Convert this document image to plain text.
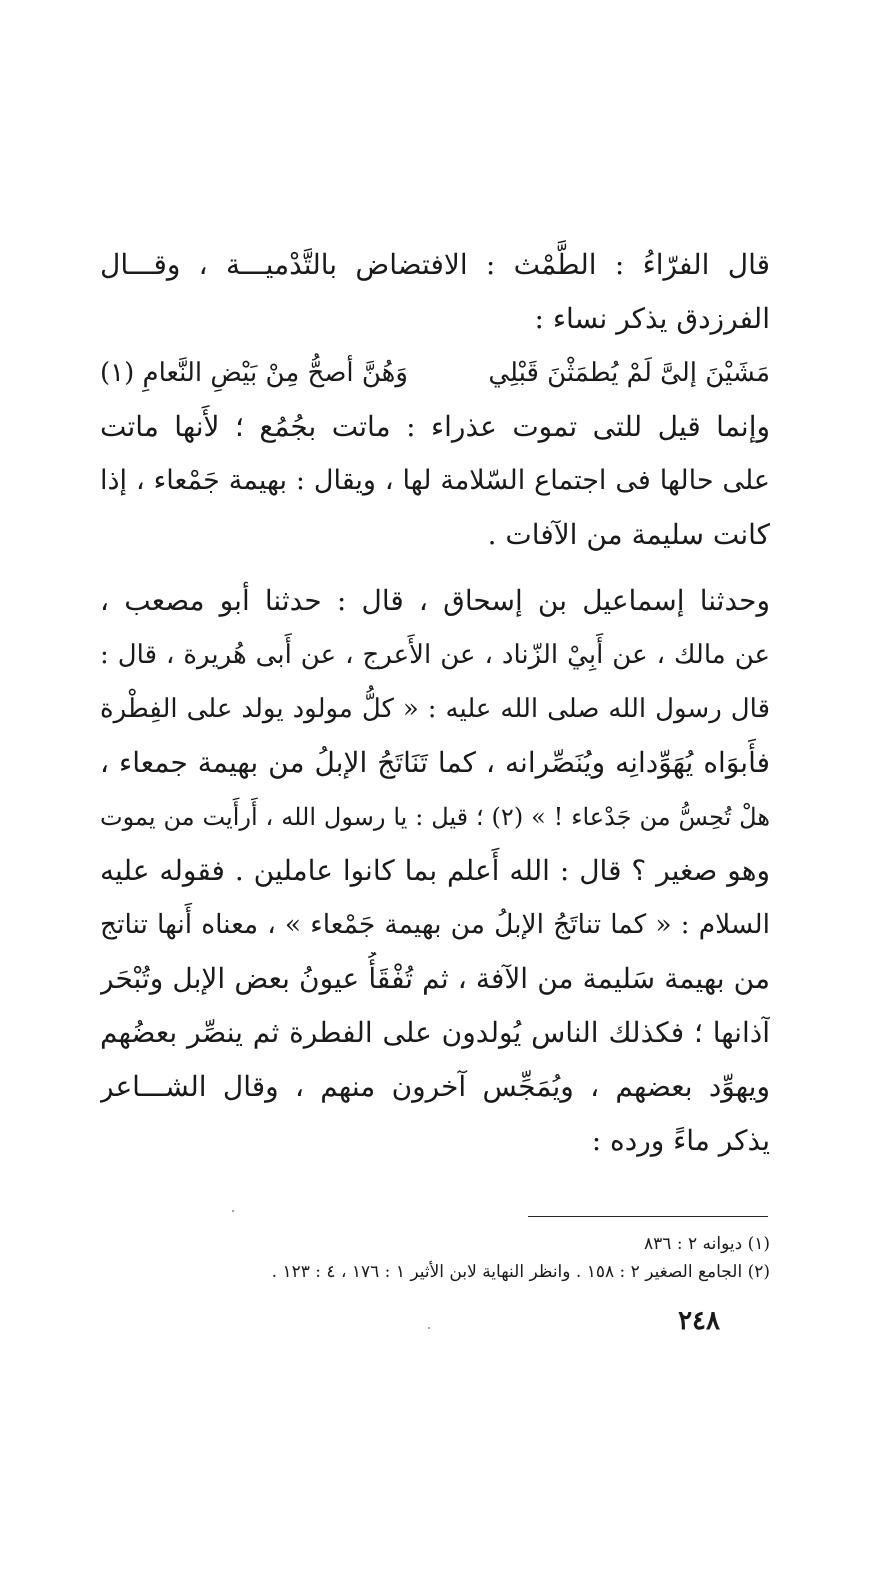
قال الفرّاءُ : الطَّمْث : الافتضاض بالتَّدْميـــة ، وقـــال
الفرزدق يذكر نساء :
مَشَيْنَ إلىَّ لَمْ يُطمَثْنَ قَبْلِي
وَهُنَّ أصحُّ مِنْ بَيْضِ النَّعامِ (١)
وإنما قيل للتى تموت عذراء : ماتت بجُمُع ؛ لأَنها ماتت
على حالها فى اجتماع السّلامة لها ، ويقال : بهيمة جَمْعاء ، إذا
كانت سليمة من الآفات .
وحدثنا إسماعيل بن إسحاق ، قال : حدثنا أبو مصعب ،
عن مالك ، عن أَبِيْ الزّناد ، عن الأَعرج ، عن أَبى هُريرة ، قال :
قال رسول الله صلى الله عليه : « كلُّ مولود يولد على الفِطْرة
فأَبوَاه يُهَوِّدانِه ويُنَصِّرانه ، كما تَنَاتَجُ الإبلُ من بهيمة جمعاء ،
هلْ تُحِسُّ من جَدْعاء ! » (٢) ؛ قيل : يا رسول الله ، أَرأَيت من يموت
وهو صغير ؟ قال : الله أَعلم بما كانوا عاملين . فقوله عليه
السلام : « كما تناتَجُ الإبلُ من بهيمة جَمْعاء » ، معناه أَنها تناتج
من بهيمة سَليمة من الآفة ، ثم تُفْقَأُ عيونُ بعض الإبل وتُبْحَر
آذانها ؛ فكذلك الناس يُولدون على الفطرة ثم ينصِّر بعضُهم
ويهوِّد بعضهم ، ويُمَجِّس آخرون منهم ، وقال الشـــاعر
يذكر ماءً ورده :
(١) ديوانه ٢ : ٨٣٦
(٢) الجامع الصغير ٢ : ١٥٨ . وانظر النهاية لابن الأثير ١ : ١٧٦ ، ٤ : ١٢٣ .
٢٤٨
